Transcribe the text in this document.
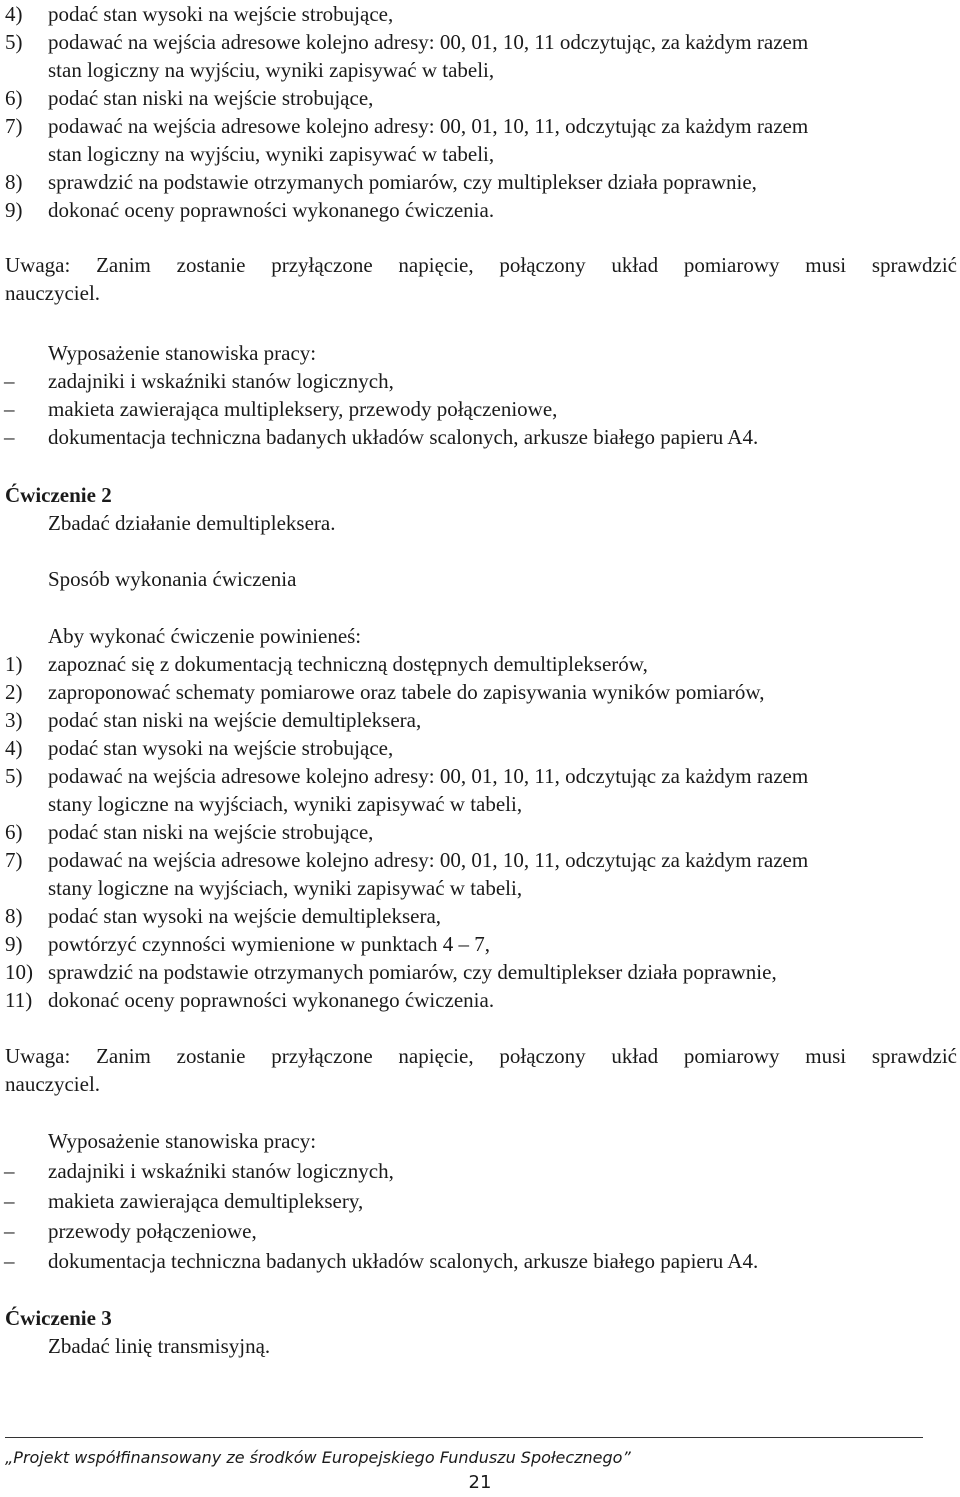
4) podać stan wysoki na wejście strobujące,
5) podawać na wejścia adresowe kolejno adresy: 00, 01, 10, 11 odczytując, za każdym razem
stan logiczny na wyjściu, wyniki zapisywać w tabeli,
6) podać stan niski na wejście strobujące,
7) podawać na wejścia adresowe kolejno adresy: 00, 01, 10, 11, odczytując za każdym razem
stan logiczny na wyjściu, wyniki zapisywać w tabeli,
8) sprawdzić na podstawie otrzymanych pomiarów, czy multiplekser działa poprawnie,
9) dokonać oceny poprawności wykonanego ćwiczenia.
Uwaga: Zanim zostanie przyłączone napięcie, połączony układ pomiarowy musi sprawdzić
nauczyciel.
Wyposażenie stanowiska pracy:
– zadajniki i wskaźniki stanów logicznych,
– makieta zawierająca multipleksery, przewody połączeniowe,
– dokumentacja techniczna badanych układów scalonych, arkusze białego papieru A4.
Ćwiczenie 2
Zbadać działanie demultipleksera.
Sposób wykonania ćwiczenia
Aby wykonać ćwiczenie powinieneś:
1) zapoznać się z dokumentacją techniczną dostępnych demultiplekserów,
2) zaproponować schematy pomiarowe oraz tabele do zapisywania wyników pomiarów,
3) podać stan niski na wejście demultipleksera,
4) podać stan wysoki na wejście strobujące,
5) podawać na wejścia adresowe kolejno adresy: 00, 01, 10, 11, odczytując za każdym razem
stany logiczne na wyjściach, wyniki zapisywać w tabeli,
6) podać stan niski na wejście strobujące,
7) podawać na wejścia adresowe kolejno adresy: 00, 01, 10, 11, odczytując za każdym razem
stany logiczne na wyjściach, wyniki zapisywać w tabeli,
8) podać stan wysoki na wejście demultipleksera,
9) powtórzyć czynności wymienione w punktach 4 – 7,
10) sprawdzić na podstawie otrzymanych pomiarów, czy demultiplekser działa poprawnie,
11) dokonać oceny poprawności wykonanego ćwiczenia.
Uwaga: Zanim zostanie przyłączone napięcie, połączony układ pomiarowy musi sprawdzić
nauczyciel.
Wyposażenie stanowiska pracy:
– zadajniki i wskaźniki stanów logicznych,
– makieta zawierająca demultipleksery,
– przewody połączeniowe,
– dokumentacja techniczna badanych układów scalonych, arkusze białego papieru A4.
Ćwiczenie 3
Zbadać linię transmisyjną.
„Projekt współfinansowany ze środków Europejskiego Funduszu Społecznego”
21
